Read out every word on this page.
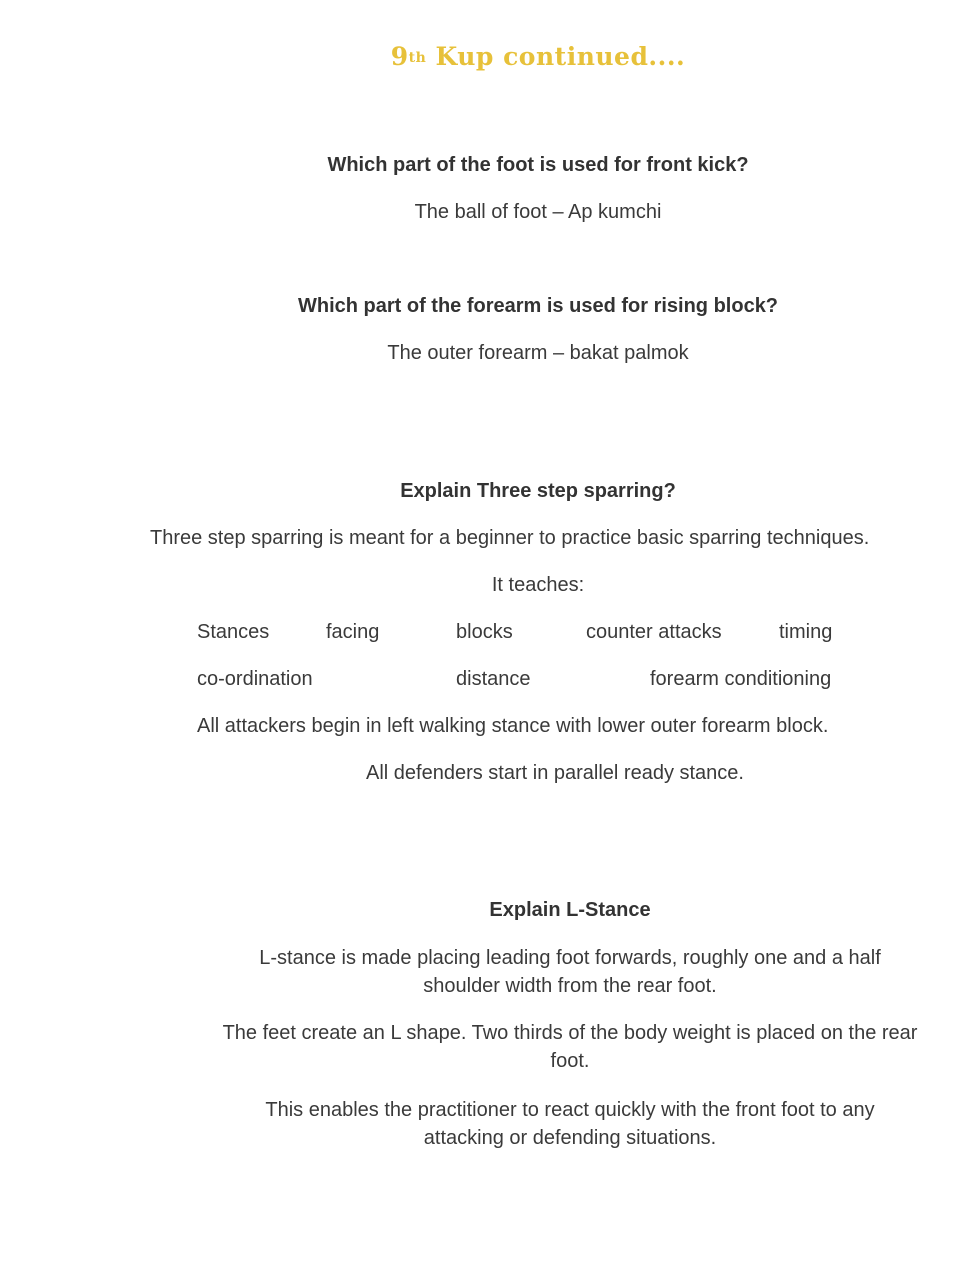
9th Kup continued....
Which part of the foot is used for front kick?
The ball of foot – Ap kumchi
Which part of the forearm is used for rising block?
The outer forearm – bakat palmok
Explain Three step sparring?
Three step sparring is meant for a beginner to practice basic sparring techniques.
It teaches:
Stances	facing	blocks	counter attacks	timing
co-ordination	distance	forearm conditioning
All attackers begin in left walking stance with lower outer forearm block.
All defenders start in parallel ready stance.
Explain L-Stance
L-stance is made placing leading foot forwards, roughly one and a half shoulder width from the rear foot.
The feet create an L shape. Two thirds of the body weight is placed on the rear foot.
This enables the practitioner to react quickly with the front foot to any attacking or defending situations.
